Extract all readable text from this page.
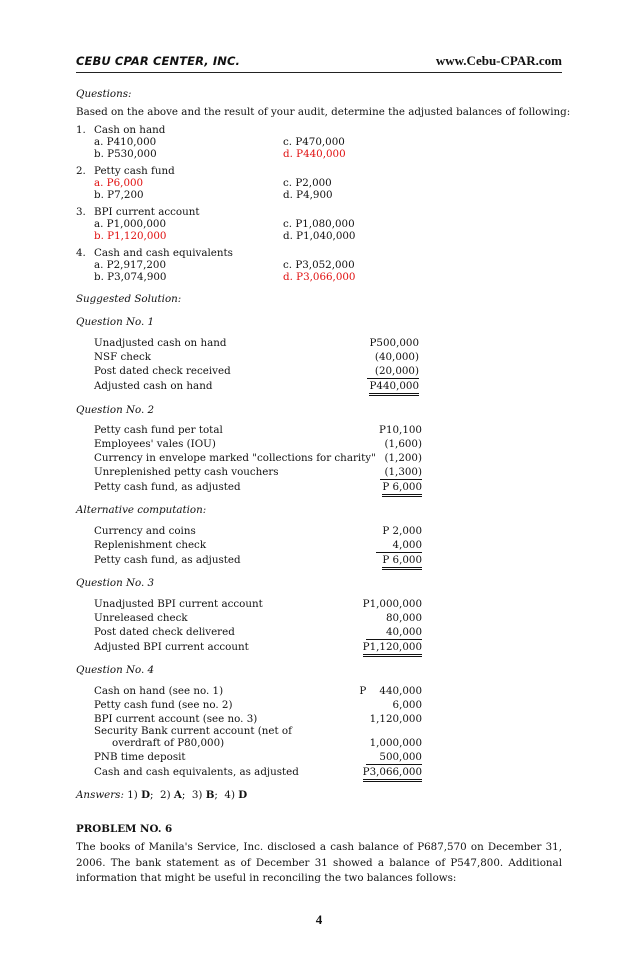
CEBU CPAR CENTER, INC.	www.Cebu-CPAR.com
Questions:
Based on the above and the result of your audit, determine the adjusted balances of following:
1. Cash on hand
a. P410,000
b. P530,000
c. P470,000
d. P440,000
2. Petty cash fund
a. P6,000
b. P7,200
c. P2,000
d. P4,900
3. BPI current account
a. P1,000,000
b. P1,120,000
c. P1,080,000
d. P1,040,000
4. Cash and cash equivalents
a. P2,917,200
b. P3,074,900
c. P3,052,000
d. P3,066,000
Suggested Solution:
Question No. 1
Unadjusted cash on hand	P500,000
NSF check	(40,000)
Post dated check received	(20,000)
Adjusted cash on hand	P440,000
Question No. 2
Petty cash fund per total	P10,100
Employees' vales (IOU)	(1,600)
Currency in envelope marked "collections for charity" (1,200)
Unreplenished petty cash vouchers	(1,300)
Petty cash fund, as adjusted	P 6,000
Alternative computation:
Currency and coins	P 2,000
Replenishment check	4,000
Petty cash fund, as adjusted	P 6,000
Question No. 3
Unadjusted BPI current account	P1,000,000
Unreleased check	80,000
Post dated check delivered	40,000
Adjusted BPI current account	P1,120,000
Question No. 4
Cash on hand (see no. 1)	P    440,000
Petty cash fund (see no. 2)	6,000
BPI current account (see no. 3)	1,120,000
Security Bank current account (net of
overdraft of P80,000)	1,000,000
PNB time deposit	500,000
Cash and cash equivalents, as adjusted	P3,066,000
Answers: 1) D;  2) A;  3) B;  4) D
PROBLEM NO. 6
The books of Manila's Service, Inc. disclosed a cash balance of P687,570 on December 31, 2006. The bank statement as of December 31 showed a balance of P547,800. Additional information that might be useful in reconciling the two balances follows:
4
